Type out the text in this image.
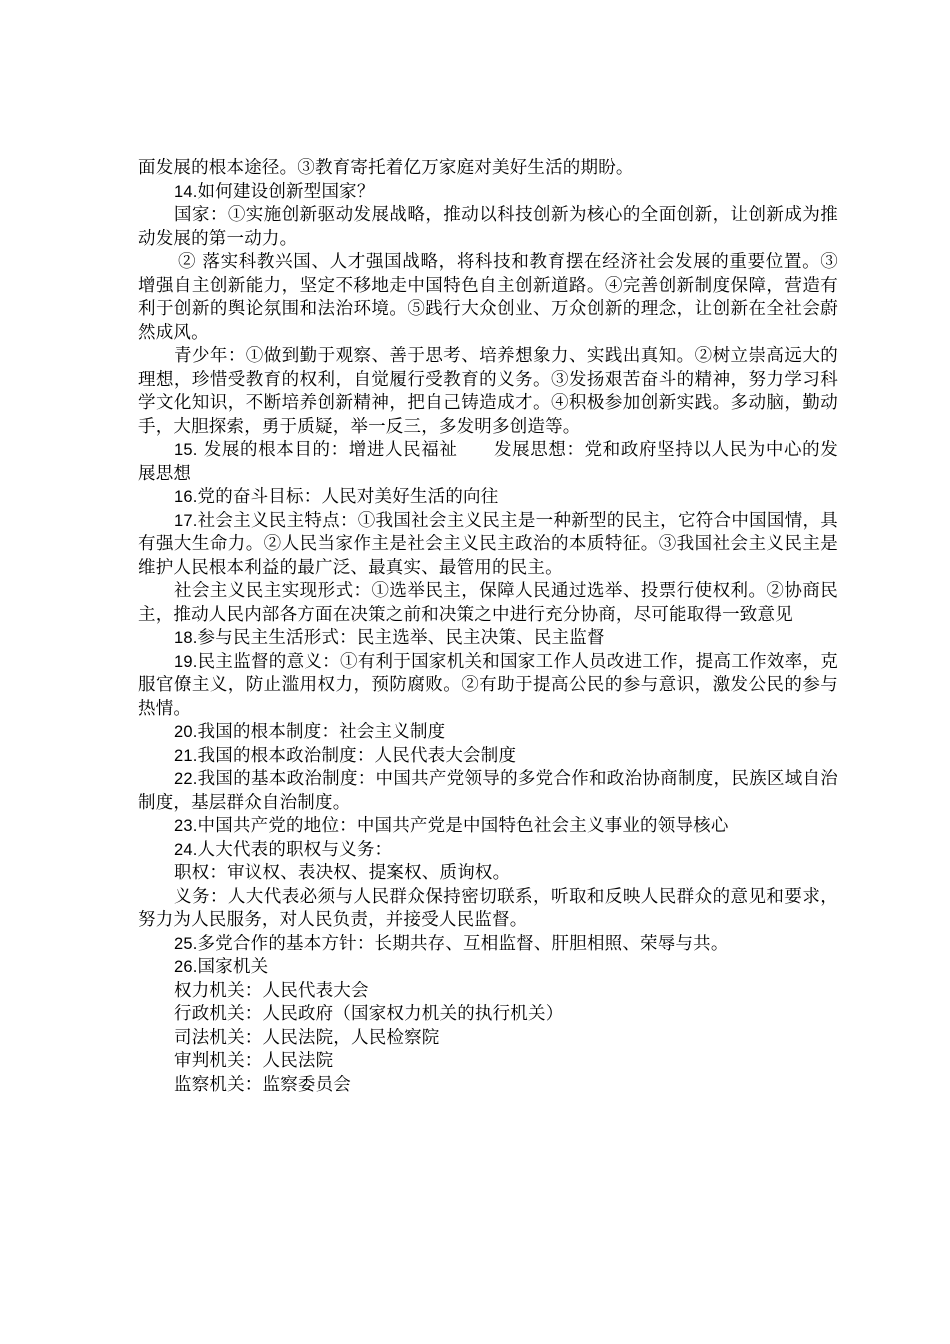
面发展的根本途径。③教育寄托着亿万家庭对美好生活的期盼。

14.如何建设创新型国家？

国家：①实施创新驱动发展战略，推动以科技创新为核心的全面创新，让创新成为推动发展的第一动力。

② 落实科教兴国、人才强国战略，将科技和教育摆在经济社会发展的重要位置。③增强自主创新能力，坚定不移地走中国特色自主创新道路。④完善创新制度保障，营造有利于创新的舆论氛围和法治环境。⑤践行大众创业、万众创新的理念，让创新在全社会蔚然成风。

青少年：①做到勤于观察、善于思考、培养想象力、实践出真知。②树立崇高远大的理想，珍惜受教育的权利，自觉履行受教育的义务。③发扬艰苦奋斗的精神，努力学习科学文化知识，不断培养创新精神，把自己铸造成才。④积极参加创新实践。多动脑，勤动手，大胆探索，勇于质疑，举一反三，多发明多创造等。

15. 发展的根本目的：增进人民福祉 发展思想：党和政府坚持以人民为中心的发展思想

16.党的奋斗目标：人民对美好生活的向往

17.社会主义民主特点：①我国社会主义民主是一种新型的民主，它符合中国国情，具有强大生命力。②人民当家作主是社会主义民主政治的本质特征。③我国社会主义民主是维护人民根本利益的最广泛、最真实、最管用的民主。

社会主义民主实现形式：①选举民主，保障人民通过选举、投票行使权利。②协商民主，推动人民内部各方面在决策之前和决策之中进行充分协商，尽可能取得一致意见

18.参与民主生活形式：民主选举、民主决策、民主监督

19.民主监督的意义：①有利于国家机关和国家工作人员改进工作，提高工作效率，克服官僚主义，防止滥用权力，预防腐败。②有助于提高公民的参与意识，激发公民的参与热情。

20.我国的根本制度：社会主义制度

21.我国的根本政治制度：人民代表大会制度

22.我国的基本政治制度：中国共产党领导的多党合作和政治协商制度，民族区域自治制度，基层群众自治制度。

23.中国共产党的地位：中国共产党是中国特色社会主义事业的领导核心

24.人大代表的职权与义务：

职权：审议权、表决权、提案权、质询权。

义务：人大代表必须与人民群众保持密切联系，听取和反映人民群众的意见和要求，努力为人民服务，对人民负责，并接受人民监督。

25.多党合作的基本方针：长期共存、互相监督、肝胆相照、荣辱与共。

26.国家机关

权力机关：人民代表大会

行政机关：人民政府（国家权力机关的执行机关）

司法机关：人民法院，人民检察院

审判机关：人民法院

监察机关：监察委员会
